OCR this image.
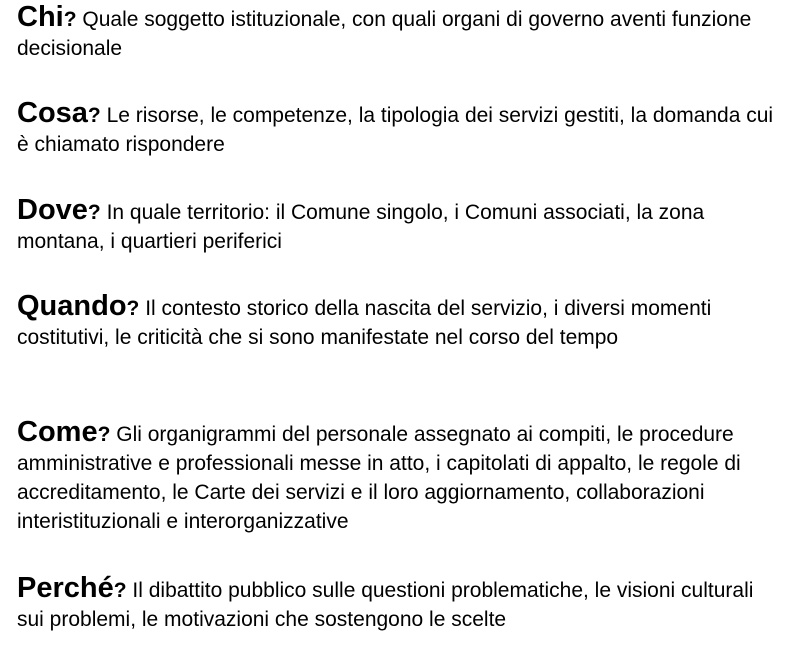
Chi? Quale soggetto istituzionale, con quali organi di governo aventi funzione decisionale

Cosa? Le risorse, le competenze, la tipologia dei servizi gestiti, la domanda cui è chiamato rispondere

Dove? In quale territorio: il Comune singolo, i Comuni associati, la zona montana, i quartieri periferici

Quando? Il contesto storico della nascita del servizio, i diversi momenti costitutivi, le criticità che si sono manifestate nel corso del tempo

Come? Gli organigrammi del personale assegnato ai compiti, le procedure amministrative e professionali messe in atto, i capitolati di appalto, le regole di accreditamento, le Carte dei servizi e il loro aggiornamento, collaborazioni interistituzionali e interorganizzative

Perché? Il dibattito pubblico sulle questioni problematiche, le visioni culturali sui problemi, le motivazioni che sostengono le scelte
